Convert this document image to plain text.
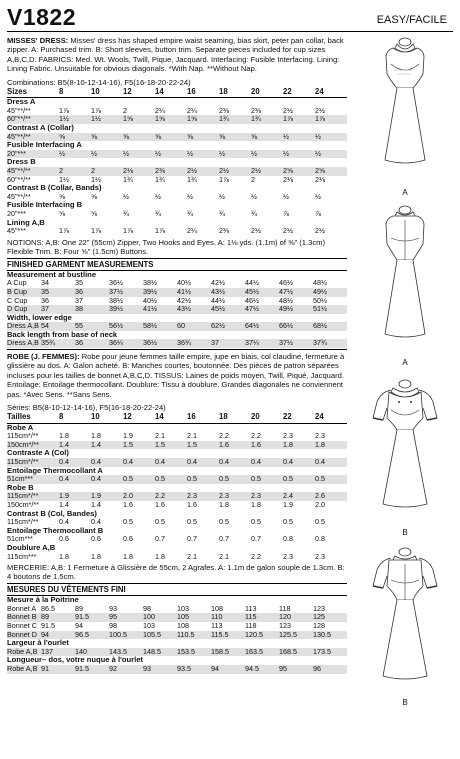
V1822	EASY/FACILE
MISSES' DRESS: Misses' dress has shaped empire waist seaming, bias skirt, peter pan collar, back zipper. A: Purchased trim. B: Short sleeves, button trim. Separate pieces included for cup sizes A,B,C,D. FABRICS: Med. Wt. Wools, Twill, Pique, Jacquard. Interfacing: Fusible Interfacing. Lining: Lining Fabric. Unsuitable for obvious diagonals. *With Nap. **Without Nap.
Combinations: B5(8-10-12-14-16), F5(16-18-20-22-24)
Sizes	8	10	12	14	16	18	20	22	24
Dress A									
45"**/**	1⅞	1⅞	2	2¼	2¼	2⅜	2⅜	2½	2½
60"**/**	1½	1½	1⅝	1⅝	1⅝	1¾	1¾	1⅞	1⅞
Contrast A (Collar)									
45"**/**	⅝	⅝	⅝	⅝	⅝	⅝	⅝	½	½
Fusible Interfacing A									
20"***	½	½	½	½	½	½	½	½	½
Dress B									
45"**/**	2	2	2⅛	2⅜	2½	2½	2½	2⅝	2⅝
60"**/**	1½	1½	1¾	1¾	1¾	1⅞	2	2⅛	2⅛
Contrast B (Collar, Bands)									
45"**/**	⅝	⅝	½	½	½	½	½	½	½
Fusible Interfacing B									
20"***	⅝	⅝	¾	¾	¾	¾	¾	⅞	⅞
Lining A,B									
45"***	1⅞	1⅞	1⅞	1⅞	2¼	2⅜	2½	2½	2½
NOTIONS: A,B: One 22" (55cm) Zipper, Two Hooks and Eyes. A: 1⅛ yds. (1.1m) of ⅜" (1.3cm) Flexible Trim. B: Four ⅝" (1.5cm) Buttons.
FINISHED GARMENT MEASUREMENTS
Measurement at bustline									
A Cup	34	35	36½	38½	40½	42½	44½	46½	48½
B Cup	35	36	37½	39½	41½	43½	45½	47½	49½
C Cup	36	37	38½	40½	42½	44½	46½	48½	50½
D Cup	37	38	39½	41½	43½	45½	47½	49½	51½
Width, lower edge									
Dress A,B	54	55	56½	58½	60	62½	64½	66½	68½
Back length from base of neck									
Dress A,B	35¾	36	36¼	36½	36¾	37	37¼	37½	37¾
ROBE (J. FEMMES): Robe pour jeune femmes taille empire, jupe en biais, col claudine, fermeture à glissière au dos. A: Galon acheté. B: Manches courtes, boutonnée. Des pièces de patron séparées incluses pour les tailles de bonnet A,B,C,D. TISSUS: Laines de poids moyen, Twill, Piqué, Jacquard. Entoilage: Entoilage thermocollant. Doublure: Tissu à doublure. Grandes diagonales ne conviennent pas. *Avec Sens. **Sans Sens.
Séries: B5(8-10-12-14-16), F5(16-18-20-22-24)
Tailles	8	10	12	14	16	18	20	22	24
Robe A									
115cm*/**	1.8	1.8	1.9	2.1	2.1	2.2	2.2	2.3	2.3
150cm*/**	1.4	1.4	1.5	1.5	1.5	1.6	1.6	1.8	1.8
Contraste A (Col)									
115cm*/**	0.4	0.4	0.4	0.4	0.4	0.4	0.4	0.4	0.4
Entoilage Thermocollant A									
51cm***	0.4	0.4	0.5	0.5	0.5	0.5	0.5	0.5	0.5
Robe B									
115cm*/**	1.9	1.9	2.0	2.2	2.3	2.3	2.3	2.4	2.6
150cm*/**	1.4	1.4	1.6	1.6	1.6	1.8	1.8	1.9	2.0
Contrast B (Col, Bandes)									
115cm*/**	0.4	0.4	0.5	0.5	0.5	0.5	0.5	0.5	0.5
Entoilage Thermocollant B									
51cm***	0.6	0.6	0.6	0.7	0.7	0.7	0.7	0.8	0.8
Doublure A,B									
115cm***	1.8	1.8	1.8	1.8	2.1	2.1	2.2	2.3	2.3
MERCERIE: A,B: 1 Fermeture à Glissière de 55cm, 2 Agrafes. A: 1.1m de galon souple de 1.3cm. B: 4 boutons de 1.5cm.
MESURES DU VÊTEMENTS FINI
Mesure à la Poitrine									
Bonnet A	86.5	89	93	98	103	108	113	118	123
Bonnet B	89	91.5	95	100	105	110	115	120	125
Bonnet C	91.5	94	98	103	108	113	118	123	128
Bonnet D	94	96.5	100.5	105.5	110.5	115.5	120.5	125.5	130.5
Largeur à l'ourlet									
Robe A,B	137	140	143.5	148.5	153.5	158.5	163.5	168.5	173.5
Longueur– dos, votre nuque à l'ourlet									
Robe A,B	91	91.5	92	93	93.5	94	94.5	95	96
A
A
B
B
